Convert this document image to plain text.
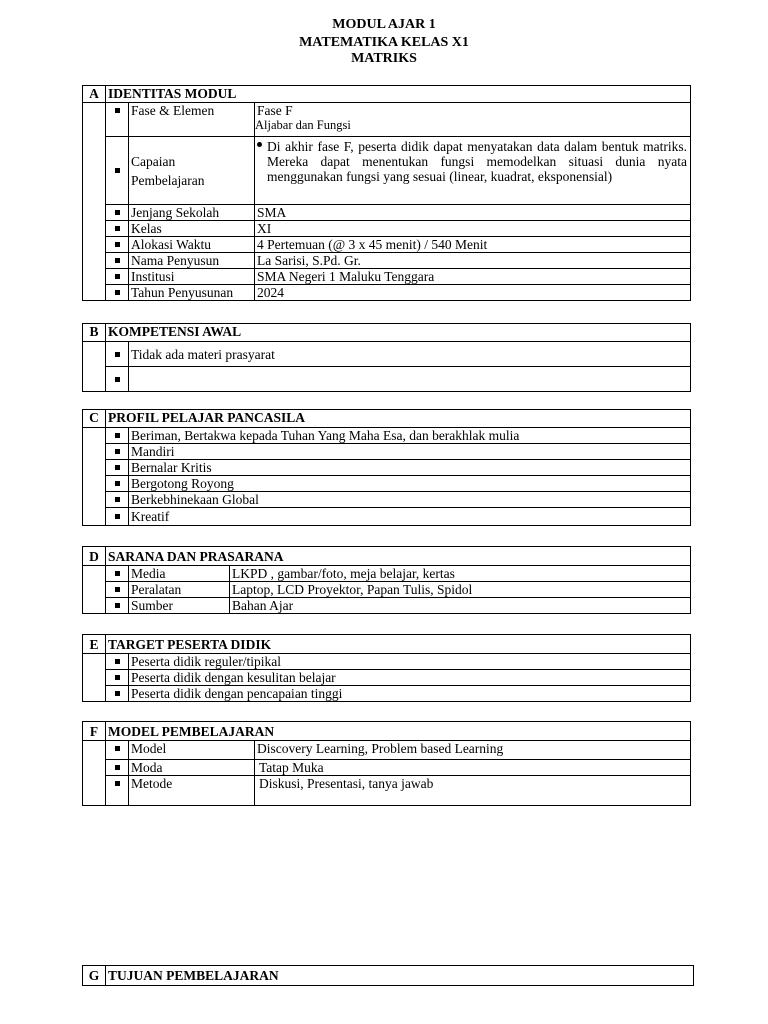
MODUL AJAR 1
MATEMATIKA KELAS X1
MATRIKS
A	IDENTITAS MODUL		
		Fase & Elemen	Fase F
Aljabar dan Fungsi

		Capaian
Pembelajaran	Di akhir fase F, peserta didik dapat menyatakan data dalam bentuk matriks. Mereka dapat menentukan fungsi memodelkan situasi dunia nyata menggunakan fungsi yang sesuai (linear, kuadrat, eksponensial)
		Jenjang Sekolah	SMA
		Kelas	XI
		Alokasi Waktu	4 Pertemuan (@ 3 x 45 menit) / 540 Menit
		Nama Penyusun	La Sarisi, S.Pd. Gr.
		Institusi	SMA Negeri 1 Maluku Tenggara
		Tahun Penyusunan	2024
B	KOMPETENSI AWAL	
		Tidak ada materi prasyarat

C	PROFIL PELAJAR PANCASILA	
		Beriman, Bertakwa kepada Tuhan Yang Maha Esa, dan berakhlak mulia
		Mandiri
		Bernalar Kritis
		Bergotong Royong
		Berkebhinekaan Global
		Kreatif
D	SARANA DAN PRASARANA		
		Media	LKPD , gambar/foto, meja belajar, kertas
		Peralatan	Laptop, LCD Proyektor, Papan Tulis, Spidol
		Sumber	Bahan Ajar
E	TARGET PESERTA DIDIK	
		Peserta didik reguler/tipikal
		Peserta didik dengan kesulitan belajar
		Peserta didik dengan pencapaian tinggi
F	MODEL PEMBELAJARAN		
		Model	Discovery Learning, Problem based Learning
		Moda	Tatap Muka
		Metode	Diskusi, Presentasi, tanya jawab
G	TUJUAN PEMBELAJARAN
